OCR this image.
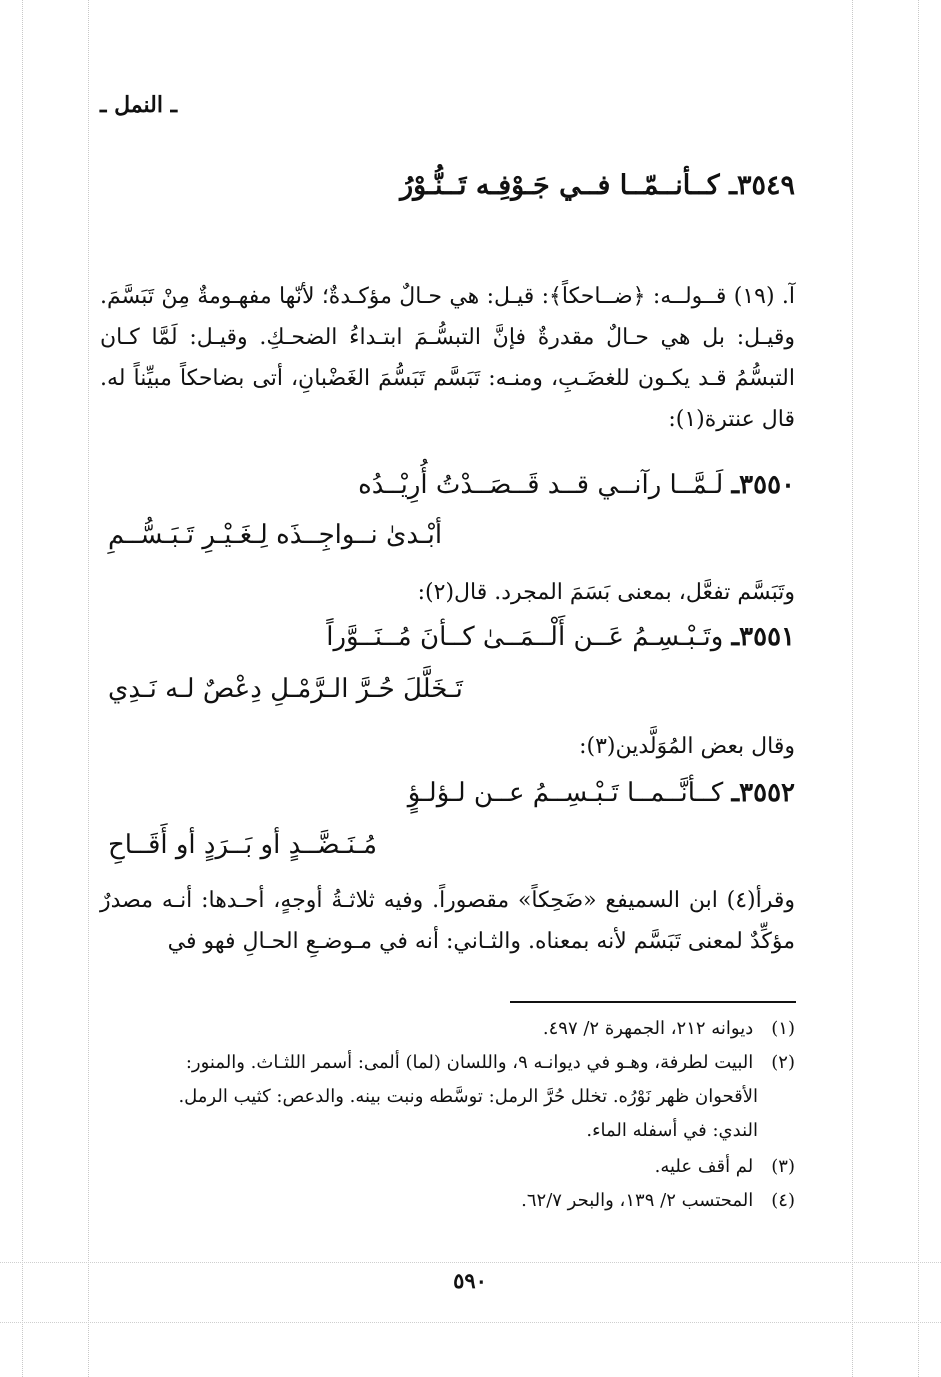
ـ النمل ـ
٣٥٤٩ـ كــأنــمّــا فــي جَـوْفِـه تَــنُّـوْرُ
آ. (١٩) قــولــه: ﴿ضــاحكاً﴾: قيـل: هي حـالٌ مؤكـدةٌ؛ لأنّها مفهـومةٌ مِنْ تَبَسَّمَ. وقيـل: بل هي حـالٌ مقدرةٌ فإنَّ التبسُّـمَ ابتـداءُ الضحـكِ. وقيـل: لَمَّا كـان التبسُّمُ قـد يكـون للغضَـبِ، ومنـه: تَبَسَّم تَبَسُّمَ الغَضْبانِ، أتى بضاحكاً مبيِّناً له. قال عنترة(١):
٣٥٥٠ـ لَـمَّــا رآنــي قــد قَــصَــدْتُ أُرِيْــدُه
أبْـدىٰ نــواجِــذَه لِـغَـيْـرِ تَـبَـسُّــمِ
وتَبَسَّم تفعَّل، بمعنى بَسَمَ المجرد. قال(٢):
٣٥٥١ـ وتَـبْـسِـمُ عَــن أَلْــمَــىٰ كــأنَ مُــنَــوَّراً
تَـخَلَّلَ حُـرَّ الـرَّمْـلِ دِعْصٌ لـه نَـدِي
وقال بعض المُوَلَّدين(٣):
٣٥٥٢ـ كــأنَّــمــا تَـبْـسِــمُ عــن لـؤلـؤٍ
مُـنَـضَّــدٍ أو بَــرَدٍ أو أَقَــاحِ
وقرأ(٤) ابن السميفع «ضَحِكاً» مقصوراً. وفيه ثلاثـةُ أوجهٍ، أحـدها: أنـه مصدرٌ مؤكِّدٌ لمعنى تَبَسَّم لأنه بمعناه. والثـاني: أنه في مـوضـعِ الحـالِ فهو في
(١) ديوانه ٢١٢، الجمهرة ٢/ ٤٩٧.
(٢) البيت لطرفة، وهـو في ديوانـه ٩، واللسان (لما) ألمى: أسمر اللثـاث. والمنور:
الأقحوان ظهر نَوْرُه. تخلل حُرَّ الرمل: توسَّطه ونبت بينه. والدعص: كثيب الرمل.
الندي: في أسفله الماء.
(٣) لم أقف عليه.
(٤) المحتسب ٢/ ١٣٩، والبحر ٦٢/٧.
٥٩٠
